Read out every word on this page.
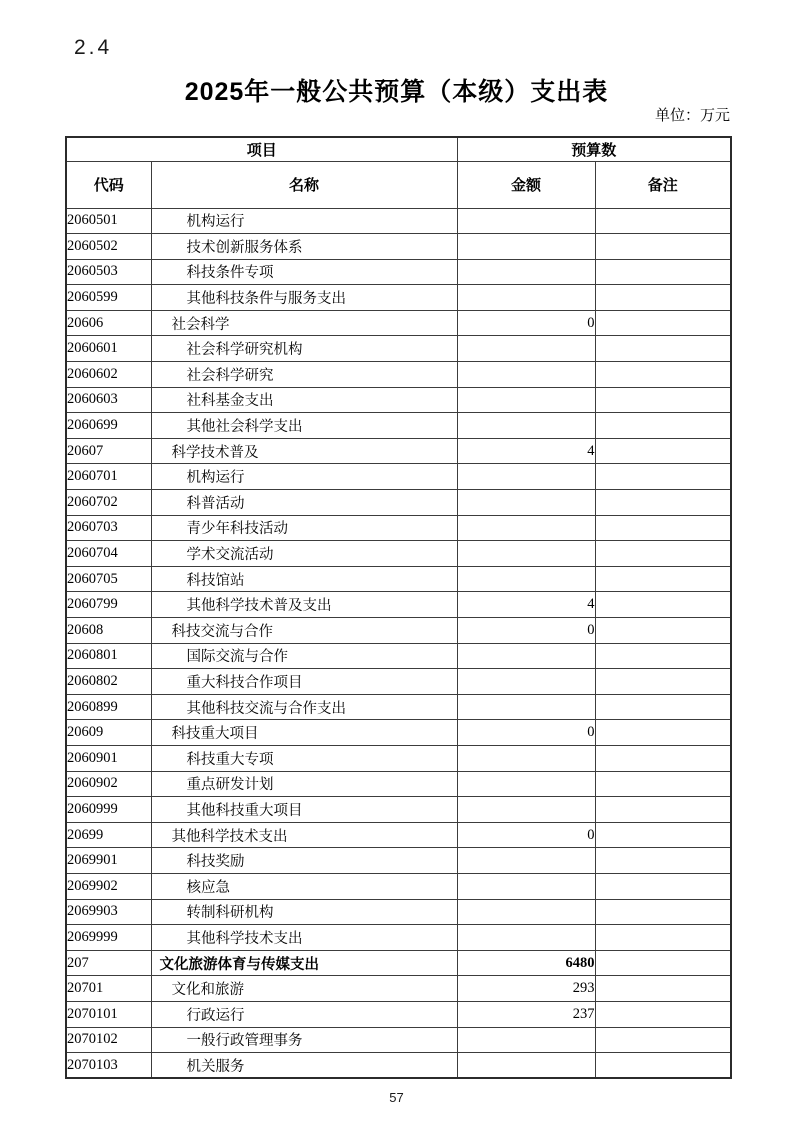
2.4
2025年一般公共预算（本级）支出表
单位：万元
项目		预算数	
代码	名称	金额	备注
2060501	机构运行		
2060502	技术创新服务体系		
2060503	科技条件专项		
2060599	其他科技条件与服务支出		
20606	社会科学	0	
2060601	社会科学研究机构		
2060602	社会科学研究		
2060603	社科基金支出		
2060699	其他社会科学支出		
20607	科学技术普及	4	
2060701	机构运行		
2060702	科普活动		
2060703	青少年科技活动		
2060704	学术交流活动		
2060705	科技馆站		
2060799	其他科学技术普及支出	4	
20608	科技交流与合作	0	
2060801	国际交流与合作		
2060802	重大科技合作项目		
2060899	其他科技交流与合作支出		
20609	科技重大项目	0	
2060901	科技重大专项		
2060902	重点研发计划		
2060999	其他科技重大项目		
20699	其他科学技术支出	0	
2069901	科技奖励		
2069902	核应急		
2069903	转制科研机构		
2069999	其他科学技术支出		
207	文化旅游体育与传媒支出	6480	
20701	文化和旅游	293	
2070101	行政运行	237	
2070102	一般行政管理事务		
2070103	机关服务		
57
